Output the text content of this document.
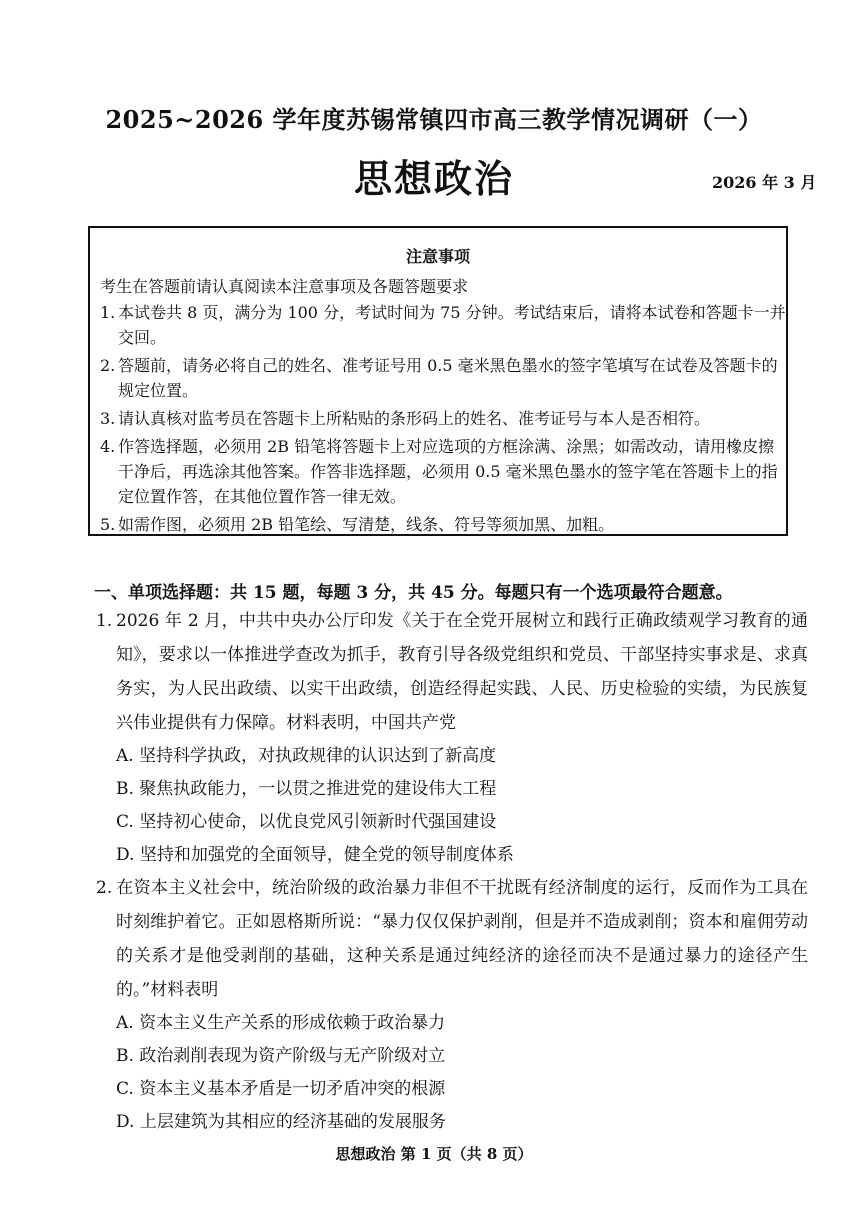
2025~2026 学年度苏锡常镇四市高三教学情况调研（一）
思想政治	2026 年 3 月
注意事项
考生在答题前请认真阅读本注意事项及各题答题要求
1. 本试卷共 8 页，满分为 100 分，考试时间为 75 分钟。考试结束后，请将本试卷和答题卡一并交回。
2. 答题前，请务必将自己的姓名、准考证号用 0.5 毫米黑色墨水的签字笔填写在试卷及答题卡的规定位置。
3. 请认真核对监考员在答题卡上所粘贴的条形码上的姓名、准考证号与本人是否相符。
4. 作答选择题，必须用 2B 铅笔将答题卡上对应选项的方框涂满、涂黑；如需改动，请用橡皮擦干净后，再选涂其他答案。作答非选择题，必须用 0.5 毫米黑色墨水的签字笔在答题卡上的指定位置作答，在其他位置作答一律无效。
5. 如需作图，必须用 2B 铅笔绘、写清楚，线条、符号等须加黑、加粗。
一、单项选择题：共 15 题，每题 3 分，共 45 分。每题只有一个选项最符合题意。

1. 2026 年 2 月，中共中央办公厅印发《关于在全党开展树立和践行正确政绩观学习教育的通知》，要求以一体推进学查改为抓手，教育引导各级党组织和党员、干部坚持实事求是、求真务实，为人民出政绩、以实干出政绩，创造经得起实践、人民、历史检验的实绩，为民族复兴伟业提供有力保障。材料表明，中国共产党

A. 坚持科学执政，对执政规律的认识达到了新高度
B. 聚焦执政能力，一以贯之推进党的建设伟大工程
C. 坚持初心使命，以优良党风引领新时代强国建设
D. 坚持和加强党的全面领导，健全党的领导制度体系

2. 在资本主义社会中，统治阶级的政治暴力非但不干扰既有经济制度的运行，反而作为工具在时刻维护着它。正如恩格斯所说：“暴力仅仅保护剥削，但是并不造成剥削；资本和雇佣劳动的关系才是他受剥削的基础，这种关系是通过纯经济的途径而决不是通过暴力的途径产生的。”材料表明

A. 资本主义生产关系的形成依赖于政治暴力
B. 政治剥削表现为资产阶级与无产阶级对立
C. 资本主义基本矛盾是一切矛盾冲突的根源
D. 上层建筑为其相应的经济基础的发展服务
思想政治 第 1 页（共 8 页）
